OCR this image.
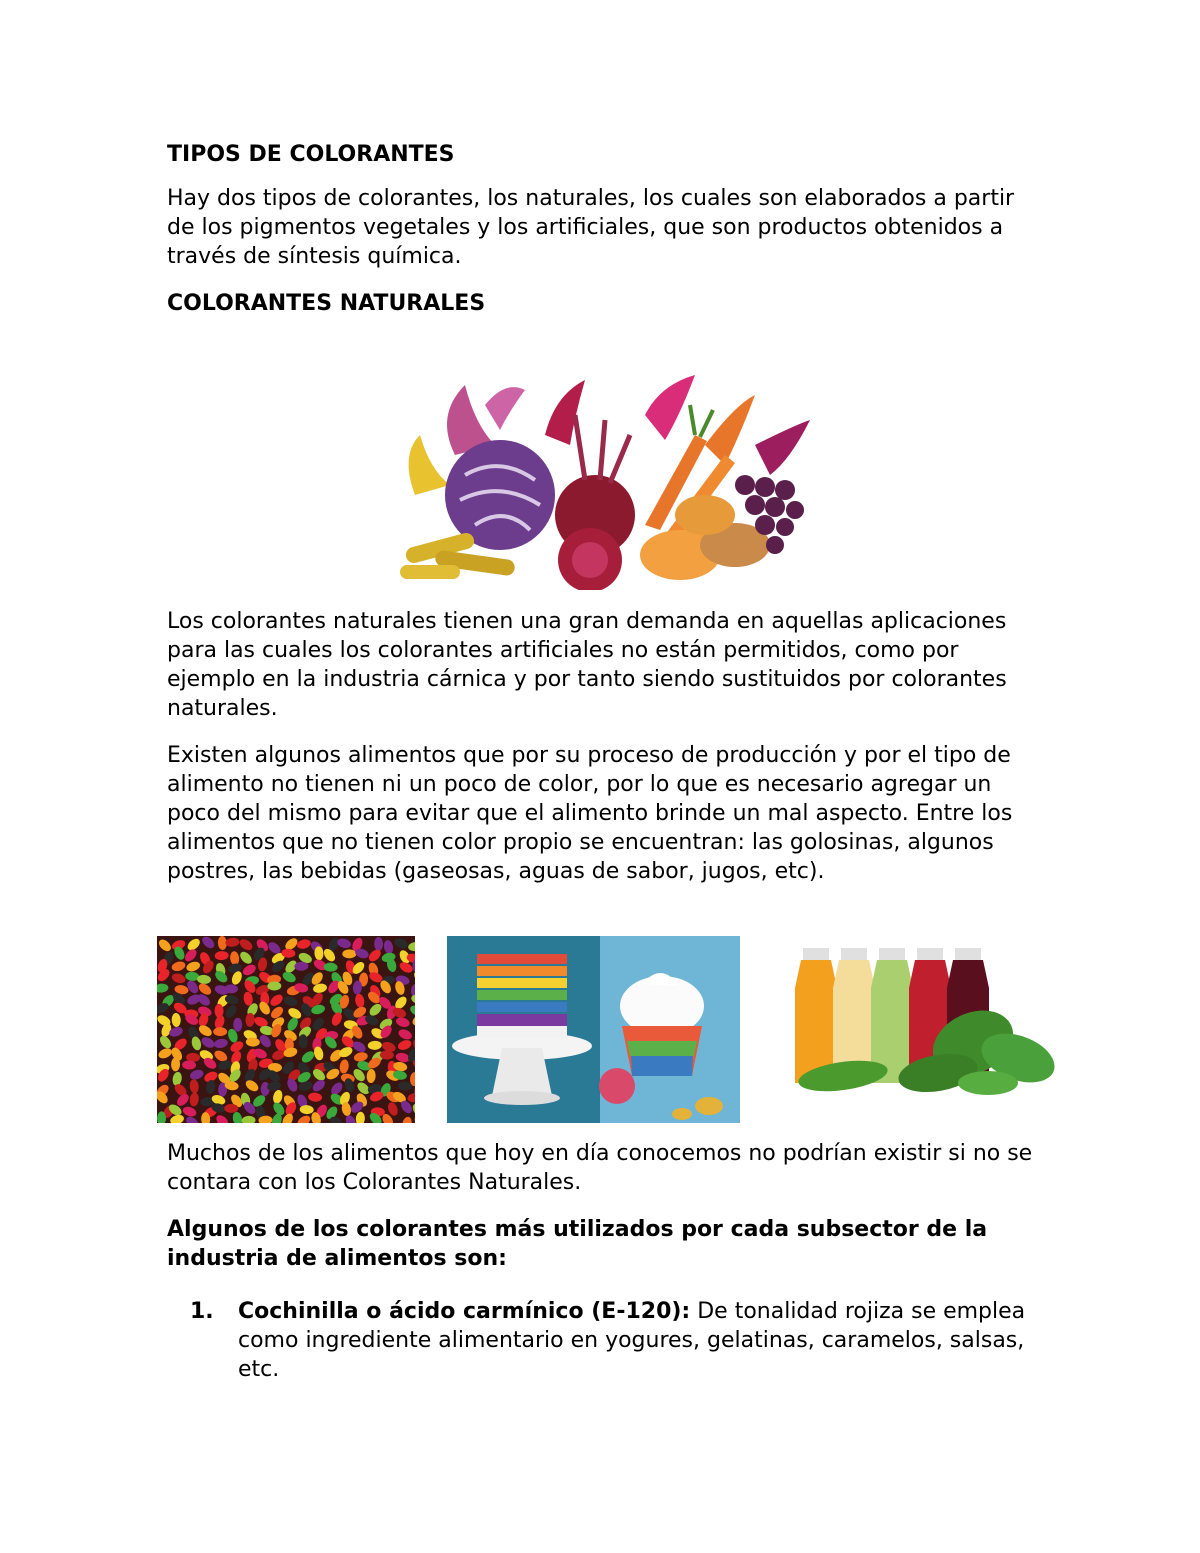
TIPOS DE COLORANTES

Hay dos tipos de colorantes, los naturales, los cuales son elaborados a partir de los pigmentos vegetales y los artificiales, que son productos obtenidos a través de síntesis química.

COLORANTES NATURALES

Los colorantes naturales tienen una gran demanda en aquellas aplicaciones para las cuales los colorantes artificiales no están permitidos, como por ejemplo en la industria cárnica y por tanto siendo sustituidos por colorantes naturales.

Existen algunos alimentos que por su proceso de producción y por el tipo de alimento no tienen ni un poco de color, por lo que es necesario agregar un poco del mismo para evitar que el alimento brinde un mal aspecto. Entre los alimentos que no tienen color propio se encuentran: las golosinas, algunos postres, las bebidas (gaseosas, aguas de sabor, jugos, etc).

Muchos de los alimentos que hoy en día conocemos no podrían existir si no se contara con los Colorantes Naturales.

Algunos de los colorantes más utilizados por cada subsector de la industria de alimentos son:

1. Cochinilla o ácido carmínico (E-120): De tonalidad rojiza se emplea como ingrediente alimentario en yogures, gelatinas, caramelos, salsas, etc.
